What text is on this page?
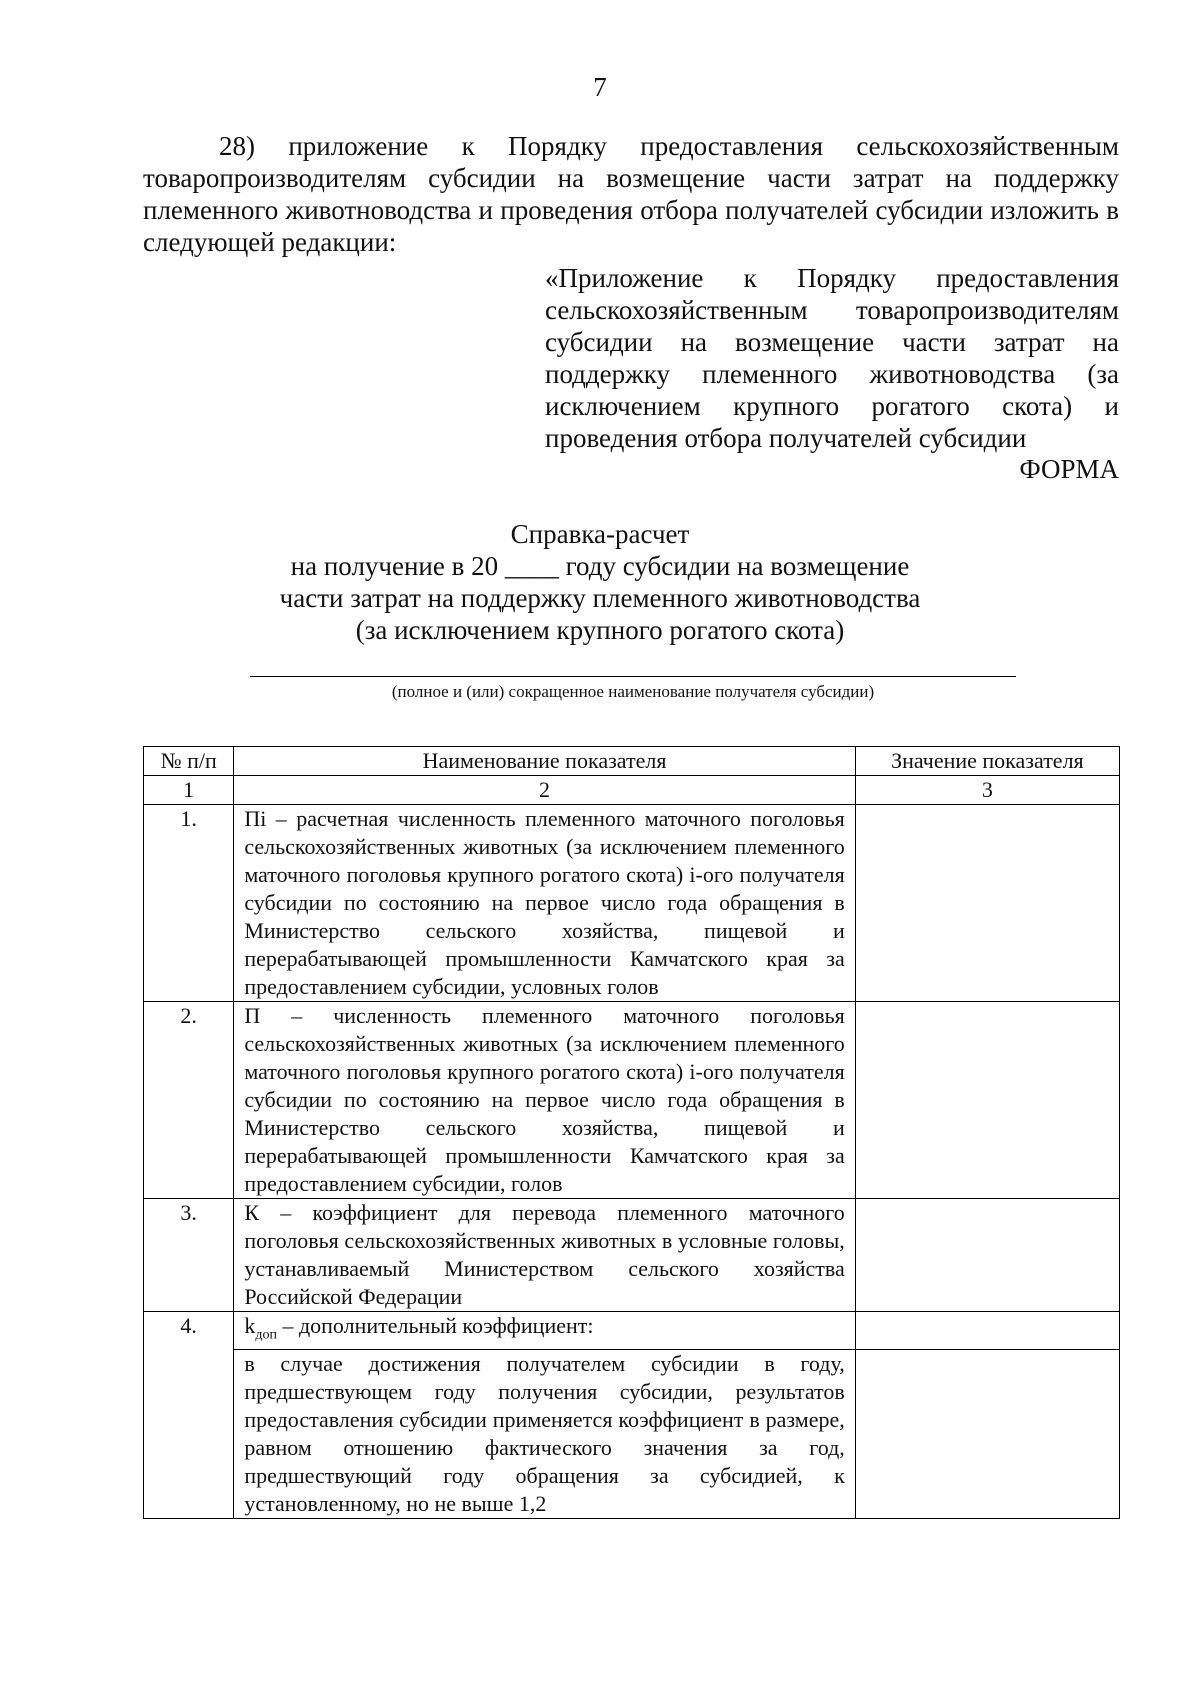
7
28) приложение к Порядку предоставления сельскохозяйственным товаропроизводителям субсидии на возмещение части затрат на поддержку племенного животноводства и проведения отбора получателей субсидии изложить в следующей редакции:
«Приложение к Порядку предоставления сельскохозяйственным товаропроизводителям субсидии на возмещение части затрат на поддержку племенного животноводства (за исключением крупного рогатого скота) и проведения отбора получателей субсидии
ФОРМА
Справка-расчет
на получение в 20 ____ году субсидии на возмещение
части затрат на поддержку племенного животноводства
(за исключением крупного рогатого скота)
(полное и (или) сокращенное наименование получателя субсидии)
№ п/п	Наименование показателя	Значение показателя
1	2	3
1.	Пi – расчетная численность племенного маточного поголовья сельскохозяйственных животных (за исключением племенного маточного поголовья крупного рогатого скота) i-ого получателя субсидии по состоянию на первое число года обращения в Министерство сельского хозяйства, пищевой и перерабатывающей промышленности Камчатского края за предоставлением субсидии, условных голов	
2.	П – численность племенного маточного поголовья сельскохозяйственных животных (за исключением племенного маточного поголовья крупного рогатого скота) i-ого получателя субсидии по состоянию на первое число года обращения в Министерство сельского хозяйства, пищевой и перерабатывающей промышленности Камчатского края за предоставлением субсидии, голов	
3.	К – коэффициент для перевода племенного маточного поголовья сельскохозяйственных животных в условные головы, устанавливаемый Министерством сельского хозяйства Российской Федерации	
4.	$k_{доп}$ – дополнительный коэффициент:	
	в случае достижения получателем субсидии в году, предшествующем году получения субсидии, результатов предоставления субсидии применяется коэффициент в размере, равном отношению фактического значения за год, предшествующий году обращения за субсидией, к установленному, но не выше 1,2	
